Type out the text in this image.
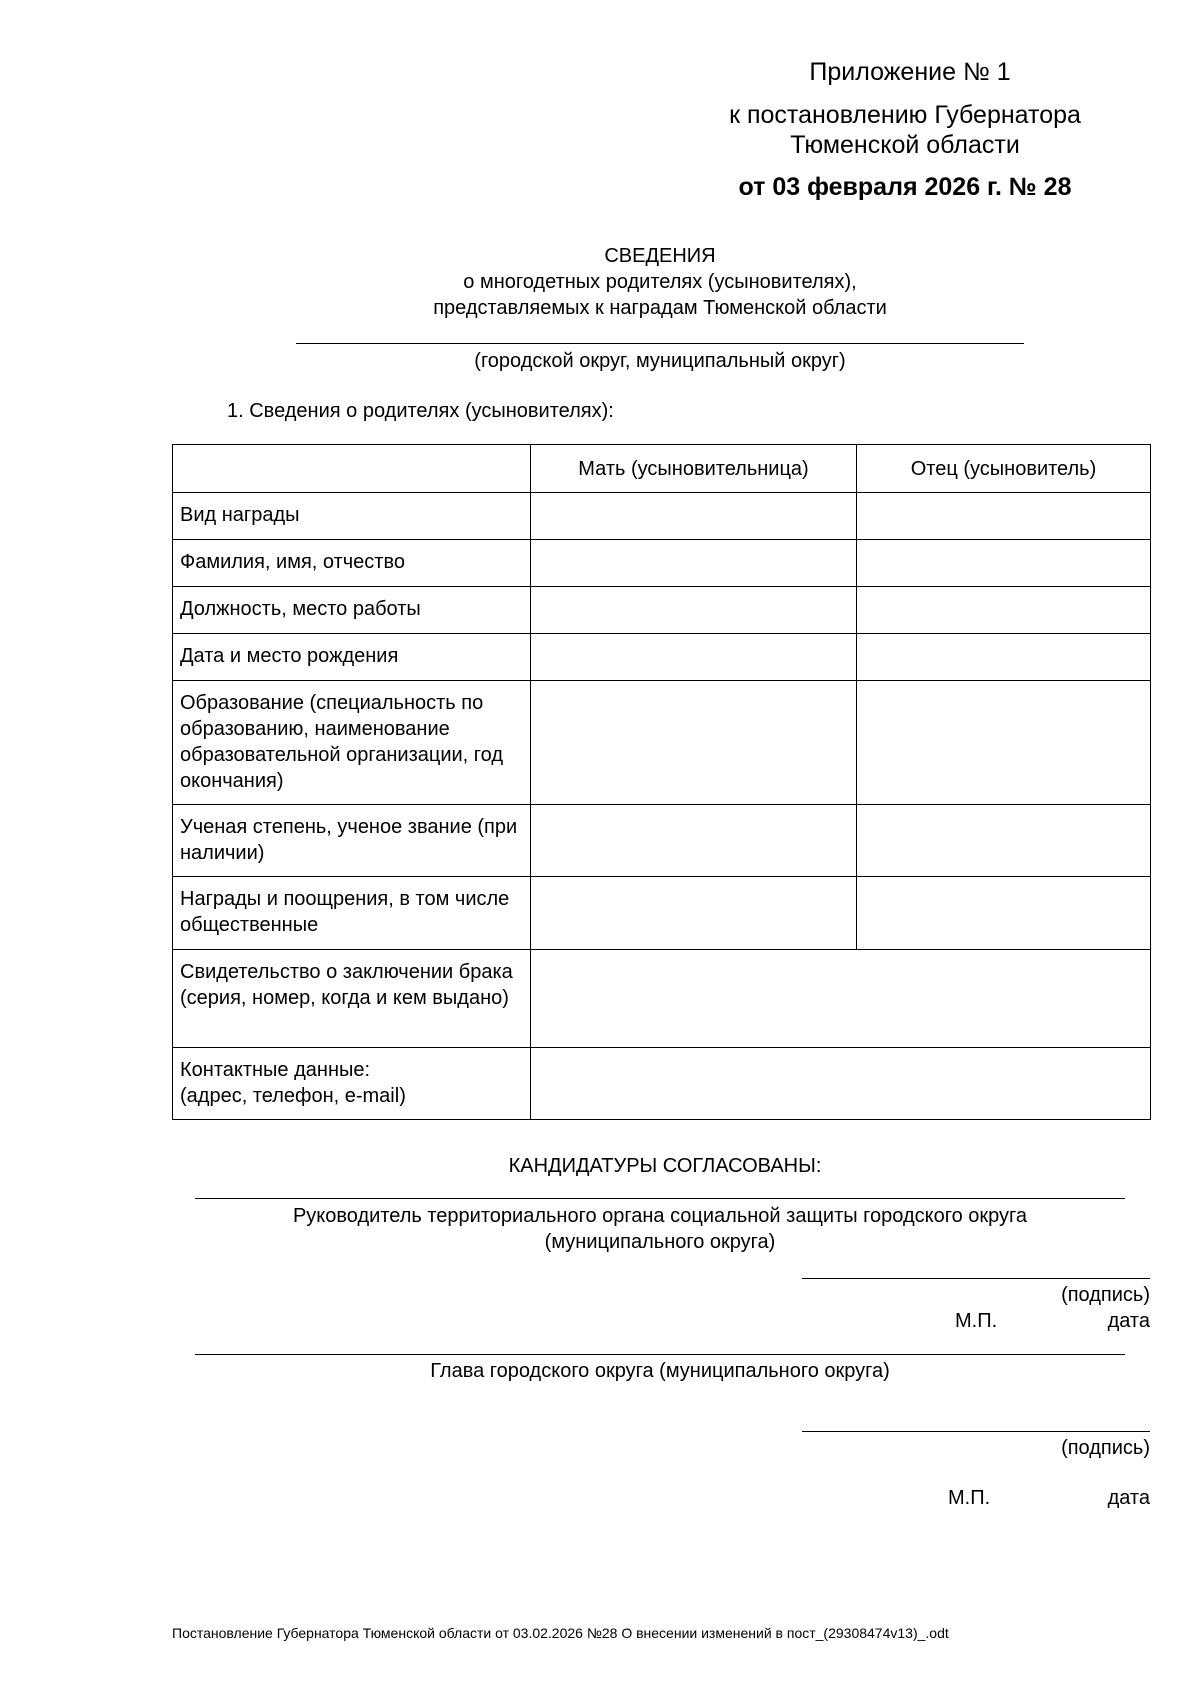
Приложение № 1
к постановлению Губернатора
Тюменской области
от 03 февраля 2026 г. № 28
СВЕДЕНИЯ
о многодетных родителях (усыновителях),
представляемых к наградам Тюменской области
(городской округ, муниципальный округ)
1. Сведения о родителях (усыновителях):
	Мать (усыновительница)	Отец (усыновитель)
Вид награды		
Фамилия, имя, отчество		
Должность, место работы		
Дата и место рождения		
Образование (специальность по образованию, наименование образовательной организации, год окончания)		
Ученая степень, ученое звание (при наличии)		
Награды и поощрения, в том числе общественные		
Свидетельство о заключении брака (серия, номер, когда и кем выдано)		
Контактные данные:
(адрес, телефон, e-mail)		
КАНДИДАТУРЫ СОГЛАСОВАНЫ:
Руководитель территориального органа социальной защиты городского округа
(муниципального округа)
(подпись)
М.П.	дата
Глава городского округа (муниципального округа)
(подпись)
М.П.	дата
Постановление Губернатора Тюменской области от 03.02.2026 №28 О внесении изменений в пост_(29308474v13)_.odt
